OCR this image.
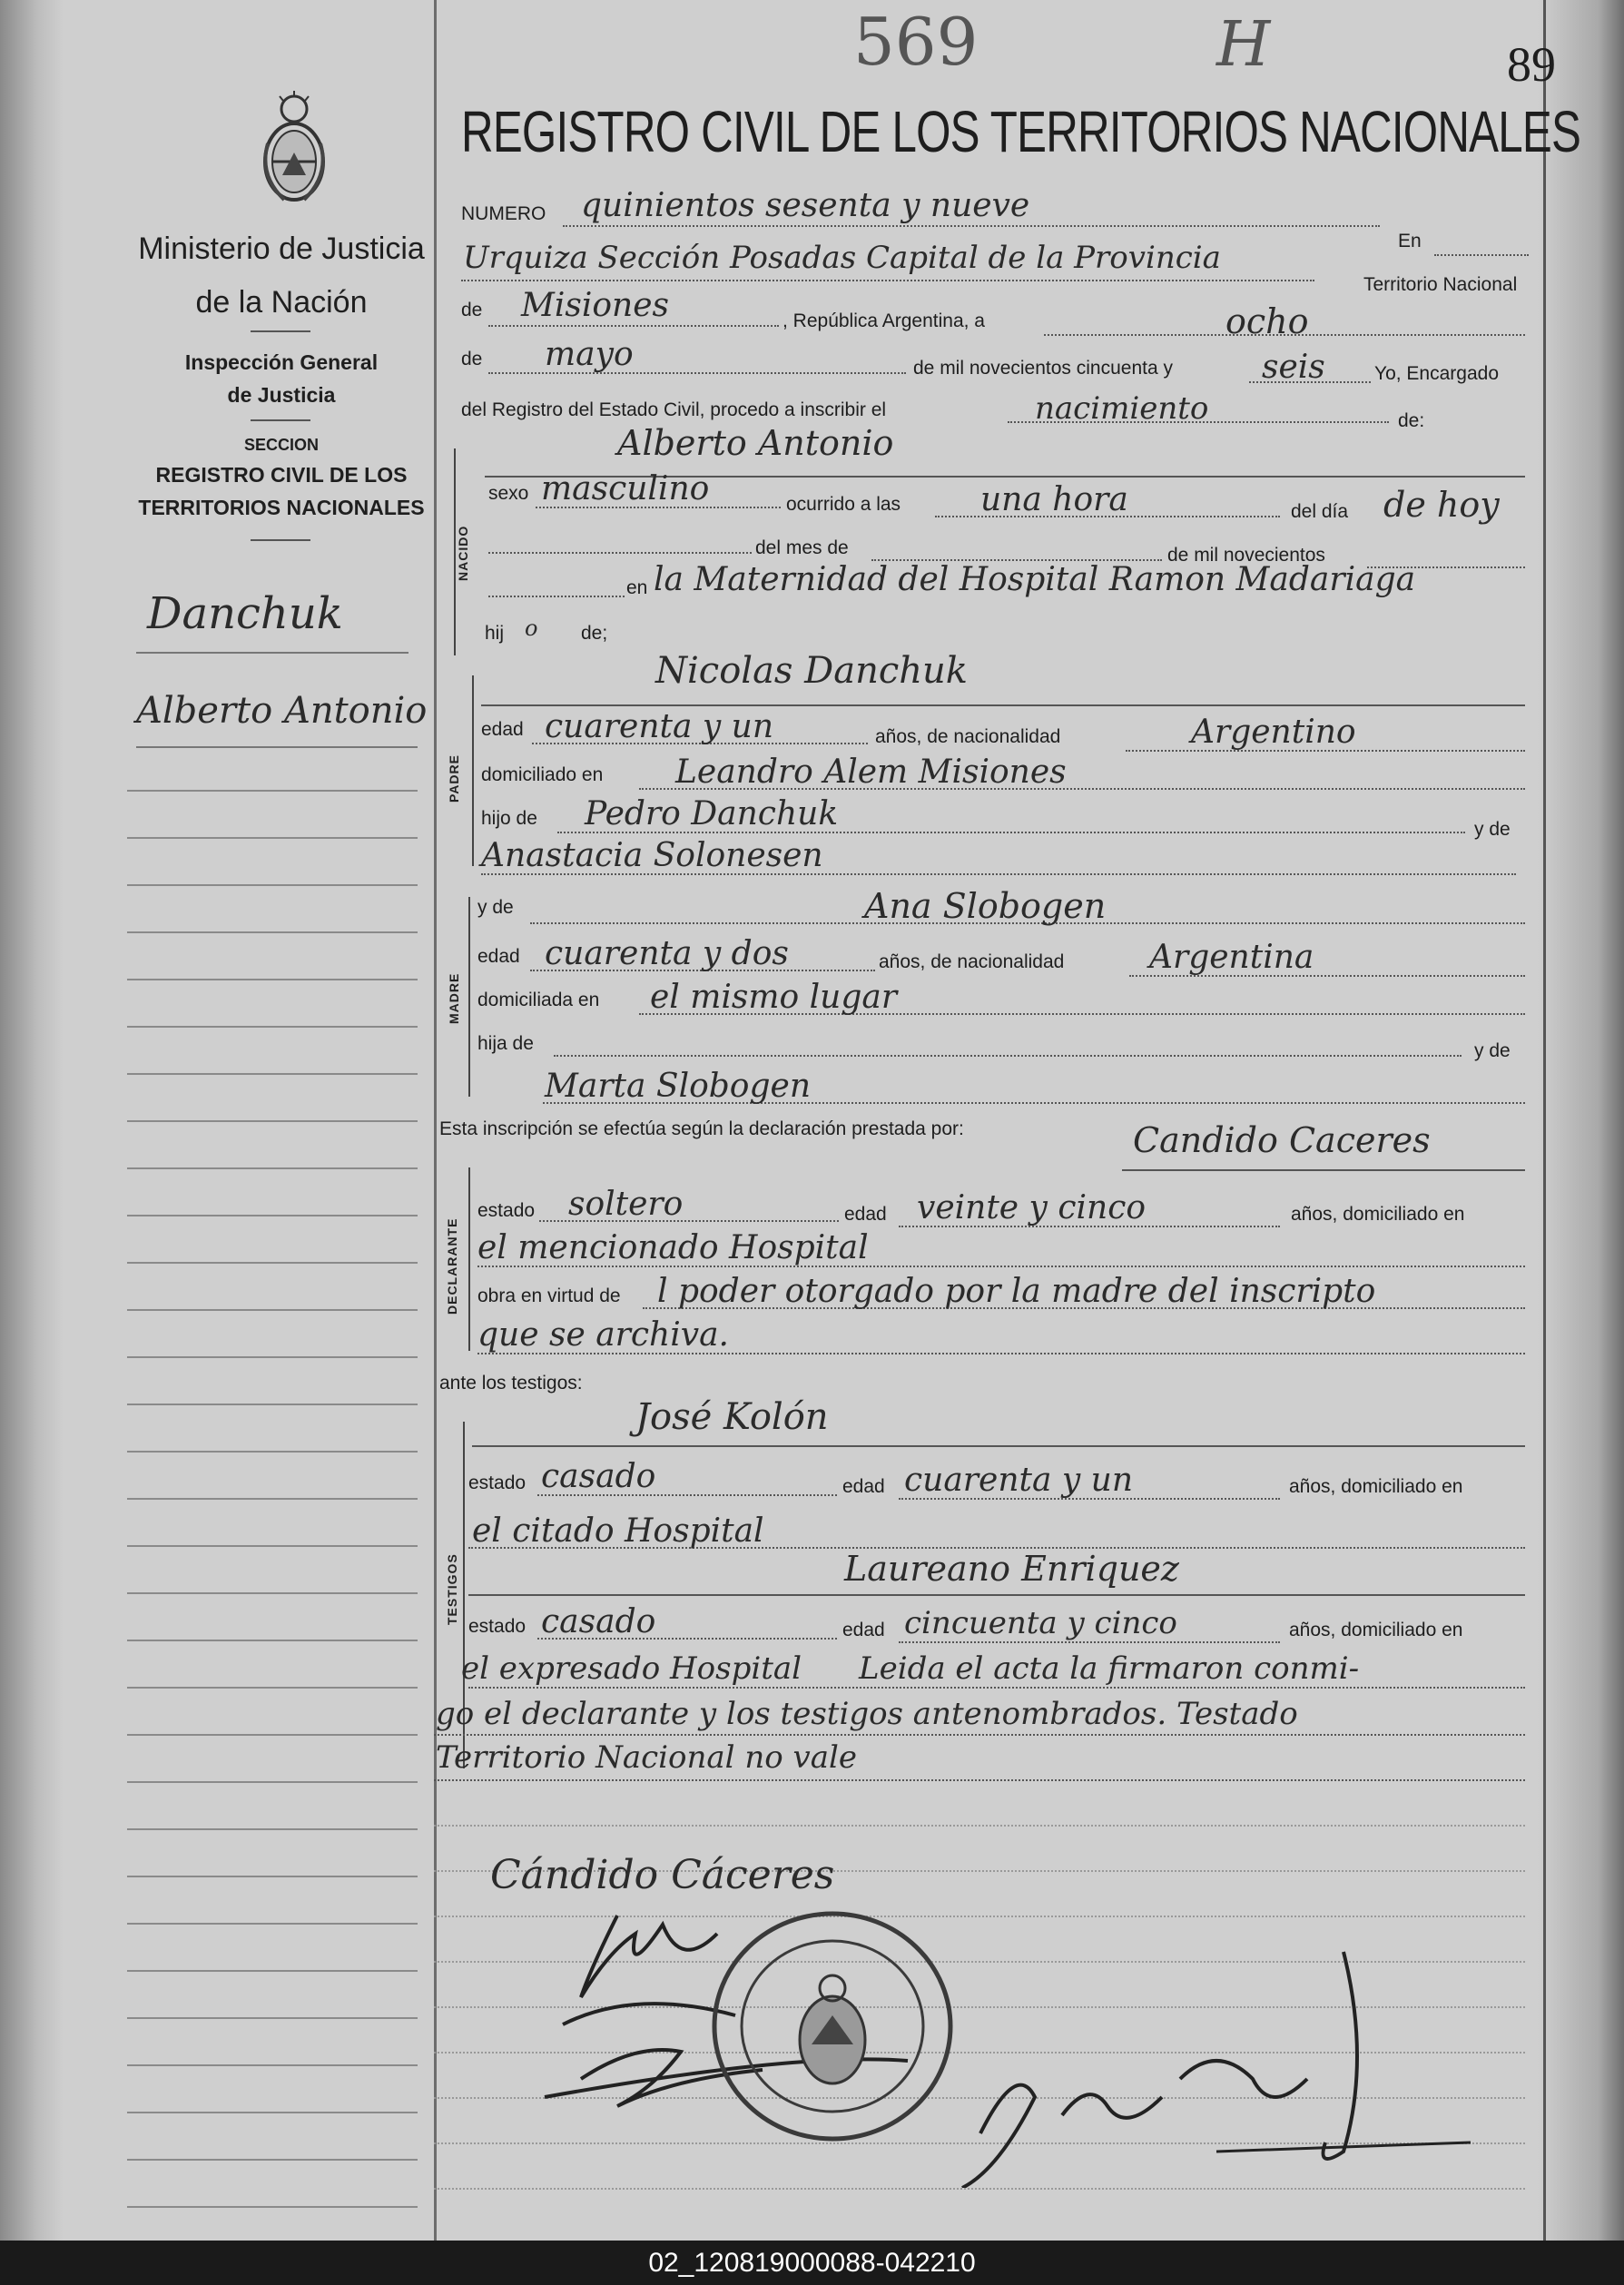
569	H	89
Ministerio de Justicia
de la Nación
Inspección General
de Justicia
SECCION
REGISTRO CIVIL DE LOS
TERRITORIOS NACIONALES
Danchuk
Alberto Antonio
REGISTRO CIVIL DE LOS TERRITORIOS NACIONALES
NUMERO quinientos sesenta y nueve
En
Urquiza Sección Posadas Capital de la Provincia
Territorio Nacional
de Misiones	, República Argentina, a	ocho
de mayo	de mil novecientos cincuenta y	seis	Yo, Encargado
del Registro del Estado Civil, procedo a inscribir el	nacimiento	de:
NACIDO
Alberto Antonio
sexo masculino	ocurrido a las una hora	del día de hoy
del mes de	de mil novecientos
en la Maternidad del Hospital Ramon Madariaga
hij o de;
PADRE
Nicolas Danchuk
edad cuarenta y un	años, de nacionalidad	Argentino
domiciliado en Leandro Alem Misiones
hijo de Pedro Danchuk	y de
Anastacia Solonesen
MADRE
y de	Ana Slobogen
edad cuarenta y dos	años, de nacionalidad	Argentina
domiciliada en el mismo lugar
hija de	y de
Marta Slobogen
Esta inscripción se efectúa según la declaración prestada por:	Candido Caceres
DECLARANTE
estado soltero	edad veinte y cinco	años, domiciliado en
el mencionado Hospital
obra en virtud de l poder otorgado por la madre del inscripto
que se archiva.
ante los testigos:
José Kolón
TESTIGOS
estado casado	edad cuarenta y un	años, domiciliado en
el citado Hospital
Laureano Enriquez
estado casado	edad cincuenta y cinco	años, domiciliado en
el expresado Hospital Leida el acta la firmaron conmi-
go el declarante y los testigos antenombrados. Testado
Territorio Nacional no vale
Cándido Cáceres
02_120819000088-042210
